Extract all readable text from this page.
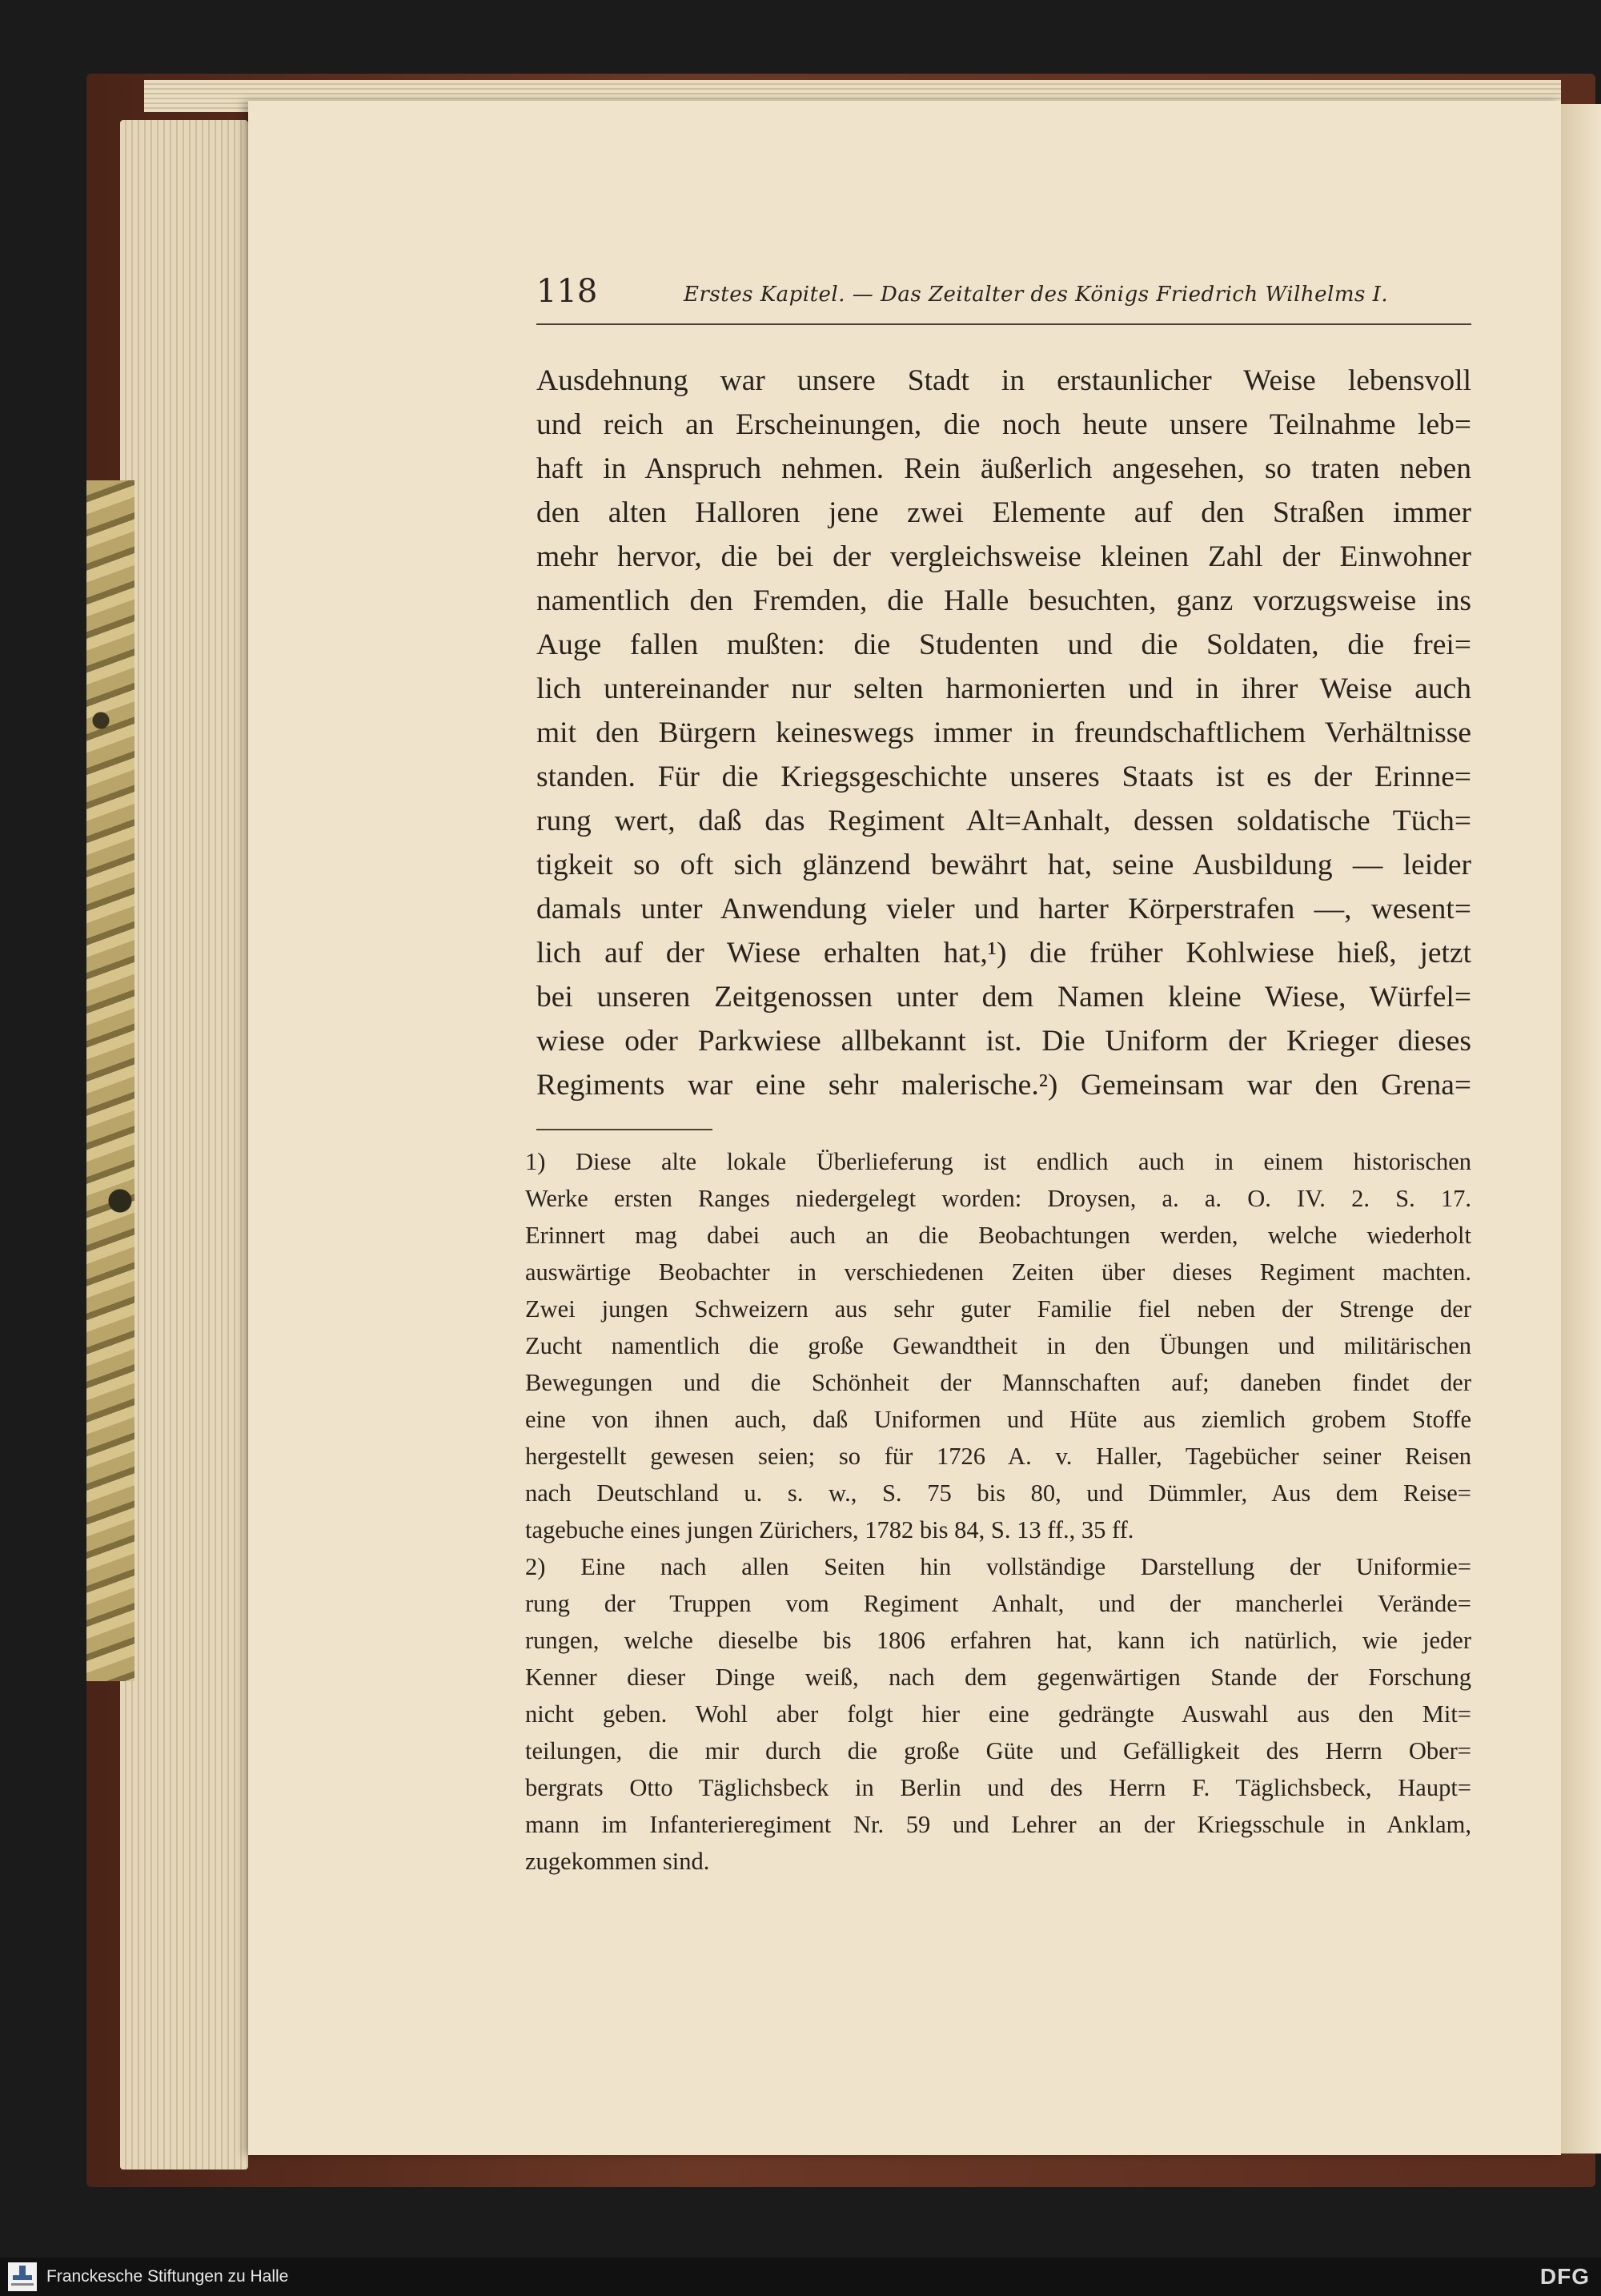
118	Erstes Kapitel. — Das Zeitalter des Königs Friedrich Wilhelms I.
Ausdehnung war unsere Stadt in erstaunlicher Weise lebensvoll
und reich an Erscheinungen, die noch heute unsere Teilnahme leb=
haft in Anspruch nehmen. Rein äußerlich angesehen, so traten neben
den alten Halloren jene zwei Elemente auf den Straßen immer
mehr hervor, die bei der vergleichsweise kleinen Zahl der Einwohner
namentlich den Fremden, die Halle besuchten, ganz vorzugsweise ins
Auge fallen mußten: die Studenten und die Soldaten, die frei=
lich untereinander nur selten harmonierten und in ihrer Weise auch
mit den Bürgern keineswegs immer in freundschaftlichem Verhältnisse
standen. Für die Kriegsgeschichte unseres Staats ist es der Erinne=
rung wert, daß das Regiment Alt=Anhalt, dessen soldatische Tüch=
tigkeit so oft sich glänzend bewährt hat, seine Ausbildung — leider
damals unter Anwendung vieler und harter Körperstrafen —, wesent=
lich auf der Wiese erhalten hat,¹) die früher Kohlwiese hieß, jetzt
bei unseren Zeitgenossen unter dem Namen kleine Wiese, Würfel=
wiese oder Parkwiese allbekannt ist. Die Uniform der Krieger dieses
Regiments war eine sehr malerische.²) Gemeinsam war den Grena=
1) Diese alte lokale Überlieferung ist endlich auch in einem historischen
Werke ersten Ranges niedergelegt worden: Droysen, a. a. O. IV. 2. S. 17.
Erinnert mag dabei auch an die Beobachtungen werden, welche wiederholt
auswärtige Beobachter in verschiedenen Zeiten über dieses Regiment machten.
Zwei jungen Schweizern aus sehr guter Familie fiel neben der Strenge der
Zucht namentlich die große Gewandtheit in den Übungen und militärischen
Bewegungen und die Schönheit der Mannschaften auf; daneben findet der
eine von ihnen auch, daß Uniformen und Hüte aus ziemlich grobem Stoffe
hergestellt gewesen seien; so für 1726 A. v. Haller, Tagebücher seiner Reisen
nach Deutschland u. s. w., S. 75 bis 80, und Dümmler, Aus dem Reise=
tagebuche eines jungen Zürichers, 1782 bis 84, S. 13 ff., 35 ff.
2) Eine nach allen Seiten hin vollständige Darstellung der Uniformie=
rung der Truppen vom Regiment Anhalt, und der mancherlei Verände=
rungen, welche dieselbe bis 1806 erfahren hat, kann ich natürlich, wie jeder
Kenner dieser Dinge weiß, nach dem gegenwärtigen Stande der Forschung
nicht geben. Wohl aber folgt hier eine gedrängte Auswahl aus den Mit=
teilungen, die mir durch die große Güte und Gefälligkeit des Herrn Ober=
bergrats Otto Täglichsbeck in Berlin und des Herrn F. Täglichsbeck, Haupt=
mann im Infanterieregiment Nr. 59 und Lehrer an der Kriegsschule in Anklam,
zugekommen sind.
Franckesche Stiftungen zu Halle	DFG
